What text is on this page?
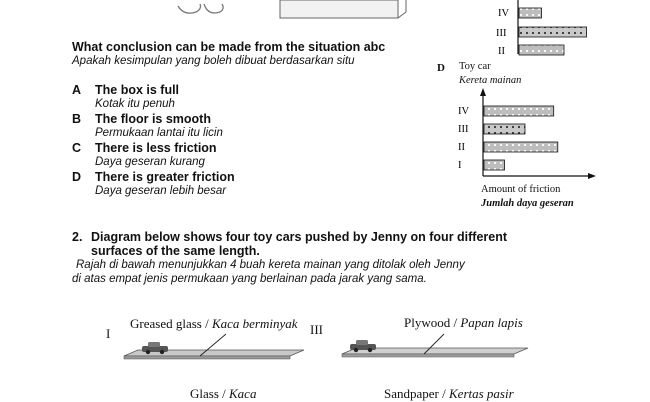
What conclusion can be made from the situation abc
Apakah kesimpulan yang boleh dibuat berdasarkan situ
A The box is full
Kotak itu penuh
B The floor is smooth
Permukaan lantai itu licin
C There is less friction
Daya geseran kurang
D There is greater friction
Daya geseran lebih besar
IV
III
II
D Toy car
Kereta mainan
IV
III
II
I
Amount of friction
Jumlah daya geseran
2. Diagram below shows four toy cars pushed by Jenny on four different
surfaces of the same length.
Rajah di bawah menunjukkan 4 buah kereta mainan yang ditolak oleh Jenny
di atas empat jenis permukaan yang berlainan pada jarak yang sama.
I
Greased glass / Kaca berminyak III	Plywood / Papan lapis
Glass / Kaca	Sandpaper / Kertas pasir
